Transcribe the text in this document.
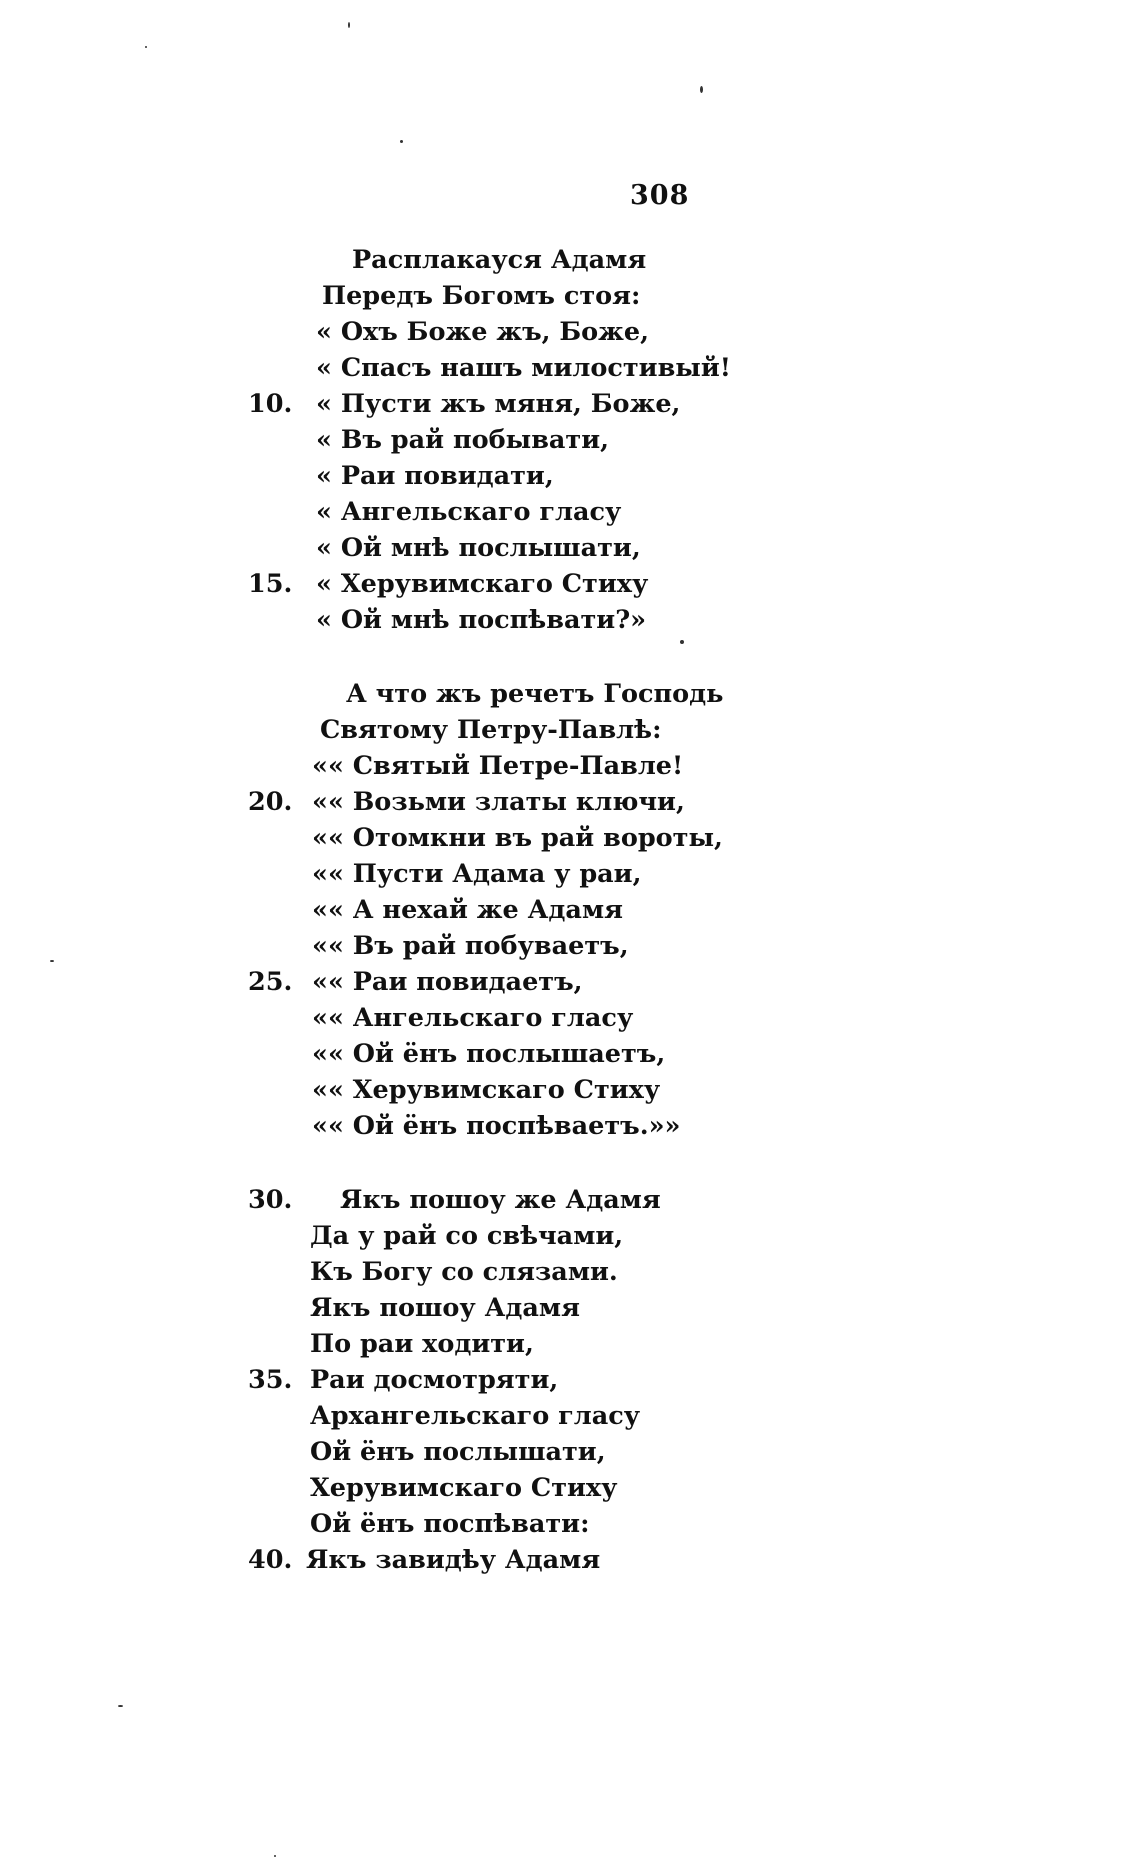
308
Расплакауся Адамя
Передъ Богомъ стоя:
« Охъ Боже жъ, Боже,
« Спасъ нашъ милостивый!
10. « Пусти жъ мяня, Боже,
« Въ рай побывати,
« Раи повидати,
« Ангельскаго гласу
« Ой мнѣ послышати,
15. « Херувимскаго Стиху
« Ой мнѣ поспѣвати?»
А что жъ речетъ Господь
Святому Петру-Павлѣ:
«« Святый Петре-Павле!
20. «« Возьми златы ключи,
«« Отомкни въ рай вороты,
«« Пусти Адама у раи,
«« А нехай же Адамя
«« Въ рай побуваетъ,
25. «« Раи повидаетъ,
«« Ангельскаго гласу
«« Ой ёнъ послышаетъ,
«« Херувимскаго Стиху
«« Ой ёнъ поспѣваетъ.»»
30.	Якъ пошоу же Адамя
Да у рай со свѣчами,
Къ Богу со слязами.
Якъ пошоу Адамя
По раи ходити,
35. Раи досмотряти,
Архангельскаго гласу
Ой ёнъ послышати,
Херувимскаго Стиху
Ой ёнъ поспѣвати:
40. Якъ завидѣу Адамя
